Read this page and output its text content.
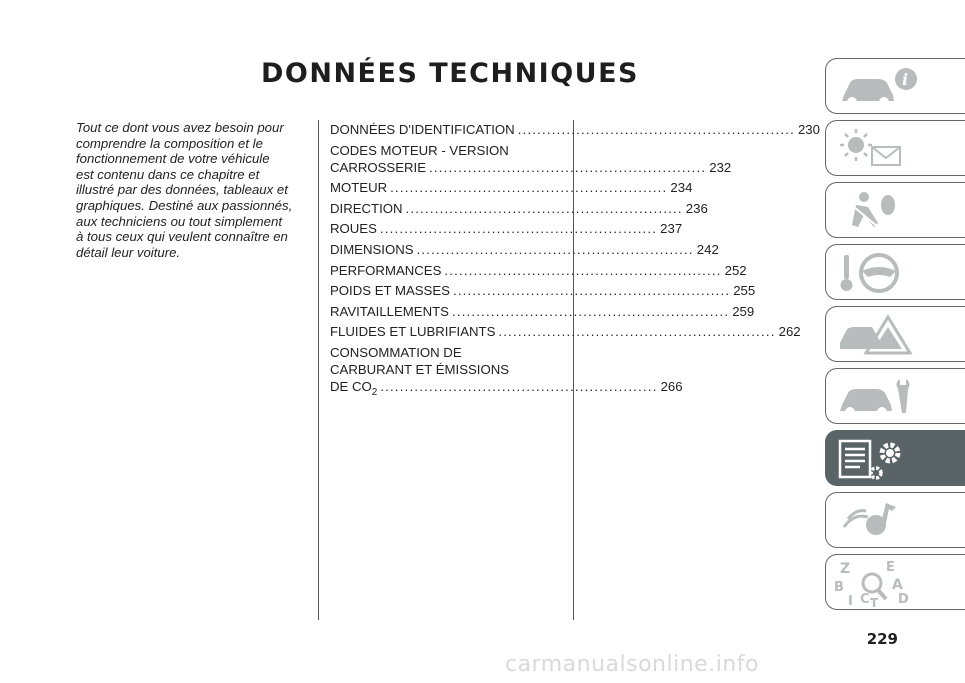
DONNÉES TECHNIQUES
Tout ce dont vous avez besoin pour
comprendre la composition et le
fonctionnement de votre véhicule
est contenu dans ce chapitre et
illustré par des données, tableaux et
graphiques. Destiné aux passionnés,
aux techniciens ou tout simplement
à tous ceux qui veulent connaître en
détail leur voiture.
DONNÉES D'IDENTIFICATION ......................................................... 230
CODES MOTEUR - VERSION
CARROSSERIE ......................................................... 232
MOTEUR ......................................................... 234
DIRECTION ......................................................... 236
ROUES ......................................................... 237
DIMENSIONS ......................................................... 242
PERFORMANCES ......................................................... 252
POIDS ET MASSES ......................................................... 255
RAVITAILLEMENTS ......................................................... 259
FLUIDES ET LUBRIFIANTS ......................................................... 262
CONSOMMATION DE
CARBURANT ET ÉMISSIONS
DE $CO_2$ ......................................................... 266
i
Z	E
B	A
I C T D
229
carmanualsonline.info
